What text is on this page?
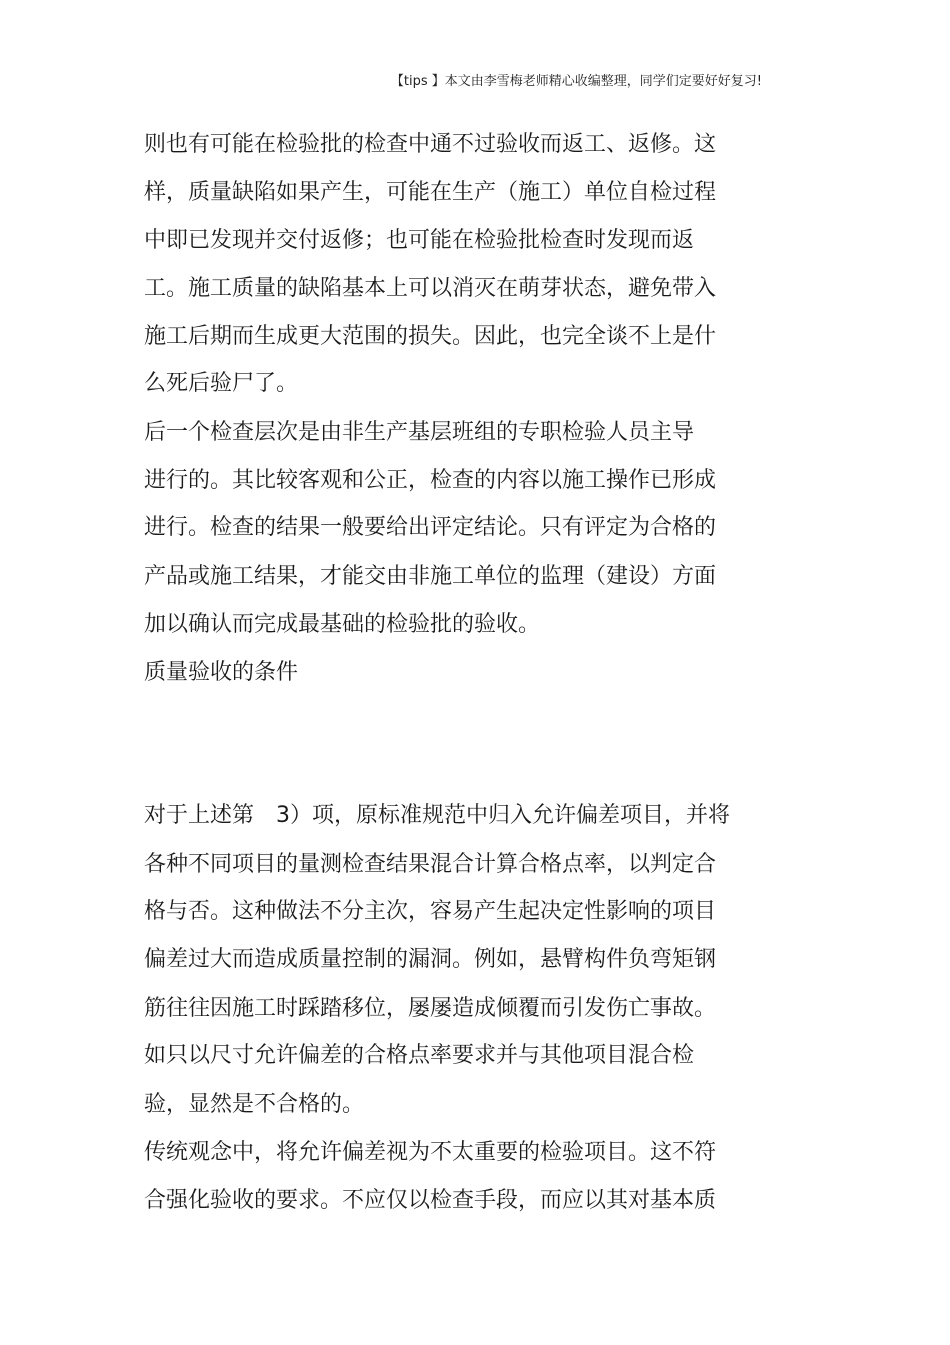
【tips 】本文由李雪梅老师精心收编整理，同学们定要好好复习!
则也有可能在检验批的检查中通不过验收而返工、返修。这
样，质量缺陷如果产生，可能在生产（施工）单位自检过程
中即已发现并交付返修；也可能在检验批检查时发现而返
工。施工质量的缺陷基本上可以消灭在萌芽状态，避免带入
施工后期而生成更大范围的损失。因此，也完全谈不上是什
么死后验尸了。
后一个检查层次是由非生产基层班组的专职检验人员主导
进行的。其比较客观和公正，检查的内容以施工操作已形成
进行。检查的结果一般要给出评定结论。只有评定为合格的
产品或施工结果，才能交由非施工单位的监理（建设）方面
加以确认而完成最基础的检验批的验收。
质量验收的条件
对于上述第　3）项，原标准规范中归入允许偏差项目，并将
各种不同项目的量测检查结果混合计算合格点率，以判定合
格与否。这种做法不分主次，容易产生起决定性影响的项目
偏差过大而造成质量控制的漏洞。例如，悬臂构件负弯矩钢
筋往往因施工时踩踏移位，屡屡造成倾覆而引发伤亡事故。
如只以尺寸允许偏差的合格点率要求并与其他项目混合检
验，显然是不合格的。
传统观念中，将允许偏差视为不太重要的检验项目。这不符
合强化验收的要求。不应仅以检查手段，而应以其对基本质
